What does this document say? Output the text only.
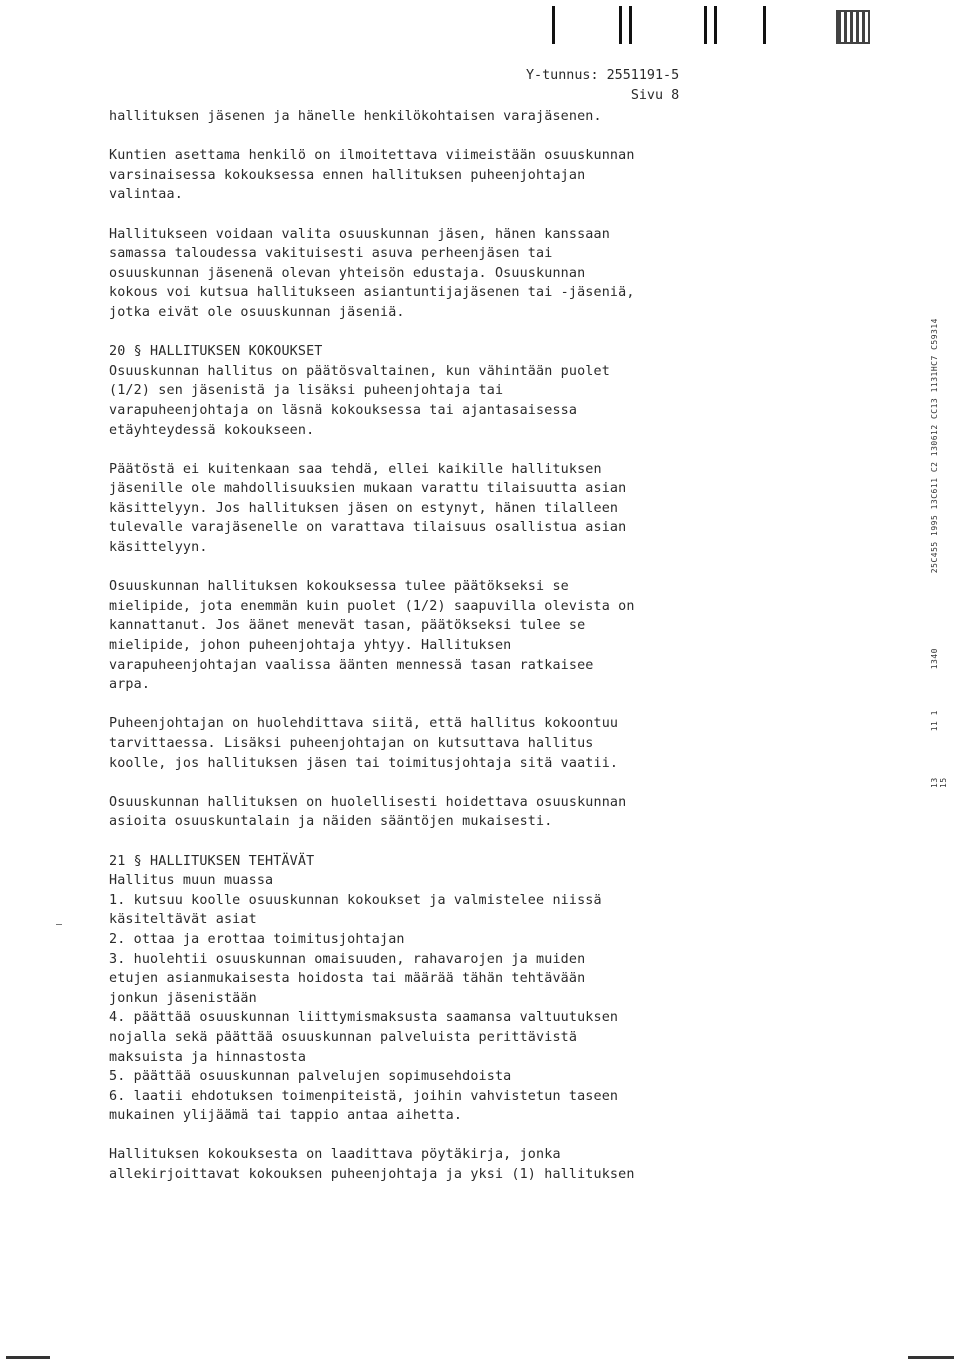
Y-tunnus: 2551191-5
Sivu 8
hallituksen jäsenen ja hänelle henkilökohtaisen varajäsenen.
Kuntien asettama henkilö on ilmoitettava viimeistään osuuskunnan
varsinaisessa kokouksessa ennen hallituksen puheenjohtajan
valintaa.
Hallitukseen voidaan valita osuuskunnan jäsen, hänen kanssaan
samassa taloudessa vakituisesti asuva perheenjäsen tai
osuuskunnan jäsenenä olevan yhteisön edustaja. Osuuskunnan
kokous voi kutsua hallitukseen asiantuntijajäsenen tai -jäseniä,
jotka eivät ole osuuskunnan jäseniä.
20 § HALLITUKSEN KOKOUKSET
Osuuskunnan hallitus on päätösvaltainen, kun vähintään puolet
(1/2) sen jäsenistä ja lisäksi puheenjohtaja tai
varapuheenjohtaja on läsnä kokouksessa tai ajantasaisessa
etäyhteydessä kokoukseen.
Päätöstä ei kuitenkaan saa tehdä, ellei kaikille hallituksen
jäsenille ole mahdollisuuksien mukaan varattu tilaisuutta asian
käsittelyyn. Jos hallituksen jäsen on estynyt, hänen tilalleen
tulevalle varajäsenelle on varattava tilaisuus osallistua asian
käsittelyyn.
Osuuskunnan hallituksen kokouksessa tulee päätökseksi se
mielipide, jota enemmän kuin puolet (1/2) saapuvilla olevista on
kannattanut. Jos äänet menevät tasan, päätökseksi tulee se
mielipide, johon puheenjohtaja yhtyy. Hallituksen
varapuheenjohtajan vaalissa äänten mennessä tasan ratkaisee
arpa.
Puheenjohtajan on huolehdittava siitä, että hallitus kokoontuu
tarvittaessa. Lisäksi puheenjohtajan on kutsuttava hallitus
koolle, jos hallituksen jäsen tai toimitusjohtaja sitä vaatii.
Osuuskunnan hallituksen on huolellisesti hoidettava osuuskunnan
asioita osuuskuntalain ja näiden sääntöjen mukaisesti.
21 § HALLITUKSEN TEHTÄVÄT
Hallitus muun muassa
1. kutsuu koolle osuuskunnan kokoukset ja valmistelee niissä
käsiteltävät asiat
2. ottaa ja erottaa toimitusjohtajan
3. huolehtii osuuskunnan omaisuuden, rahavarojen ja muiden
etujen asianmukaisesta hoidosta tai määrää tähän tehtävään
jonkun jäsenistään
4. päättää osuuskunnan liittymismaksusta saamansa valtuutuksen
nojalla sekä päättää osuuskunnan palveluista perittävistä
maksuista ja hinnastosta
5. päättää osuuskunnan palvelujen sopimusehdoista
6. laatii ehdotuksen toimenpiteistä, joihin vahvistetun taseen
mukainen ylijäämä tai tappio antaa aihetta.
Hallituksen kokouksesta on laadittava pöytäkirja, jonka
allekirjoittavat kokouksen puheenjohtaja ja yksi (1) hallituksen
25C455 1995 13C611 C2 130612 CC13 1131HC7 C59314
1340
11 1
13 15
